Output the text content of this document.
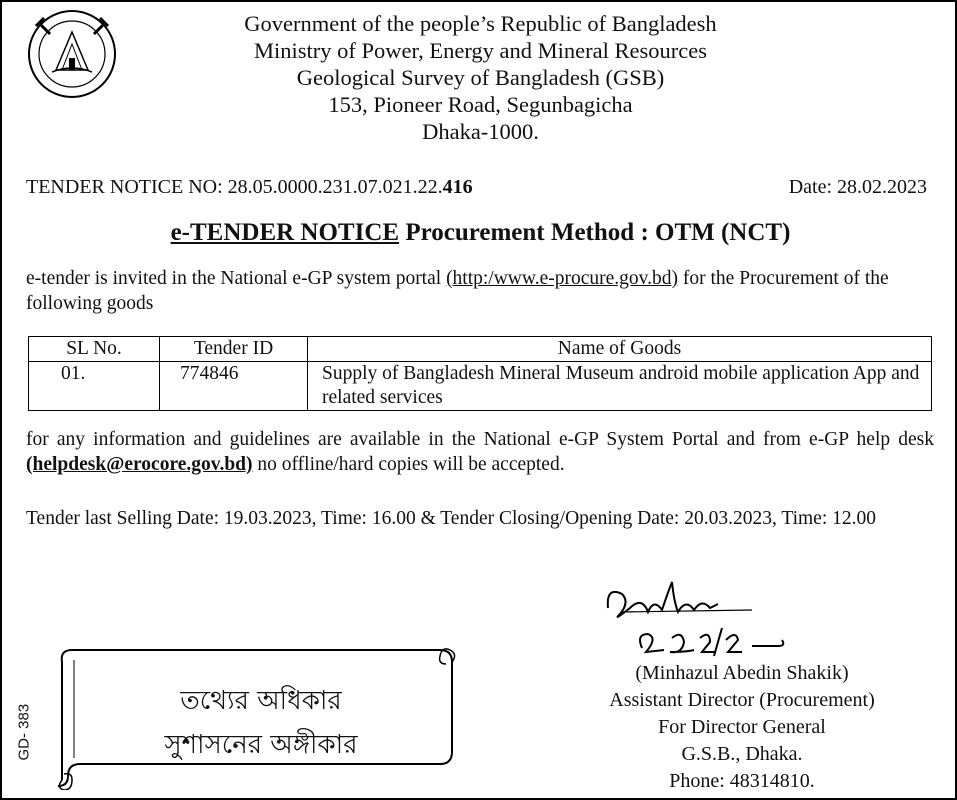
Government of the people’s Republic of Bangladesh
Ministry of Power, Energy and Mineral Resources
Geological Survey of Bangladesh (GSB)
153, Pioneer Road, Segunbagicha
Dhaka-1000.
TENDER NOTICE NO: 28.05.0000.231.07.021.22.416	Date: 28.02.2023
e-TENDER NOTICE Procurement Method : OTM (NCT)
e-tender is invited in the National e-GP system portal (http:/www.e-procure.gov.bd) for the Procurement of the following goods
SL No.	Tender ID	Name of Goods
01.	774846	Supply of Bangladesh Mineral Museum android mobile application App and related services
for any information and guidelines are available in the National e-GP System Portal and from e-GP help desk (helpdesk@erocore.gov.bd) no offline/hard copies will be accepted.
Tender last Selling Date: 19.03.2023, Time: 16.00 & Tender Closing/Opening Date: 20.03.2023, Time: 12.00
তথ্যের অধিকার
সুশাসনের অঙ্গীকার
(Minhazul Abedin Shakik)
Assistant Director (Procurement)
For Director General
G.S.B., Dhaka.
Phone: 48314810.
GD- 383
